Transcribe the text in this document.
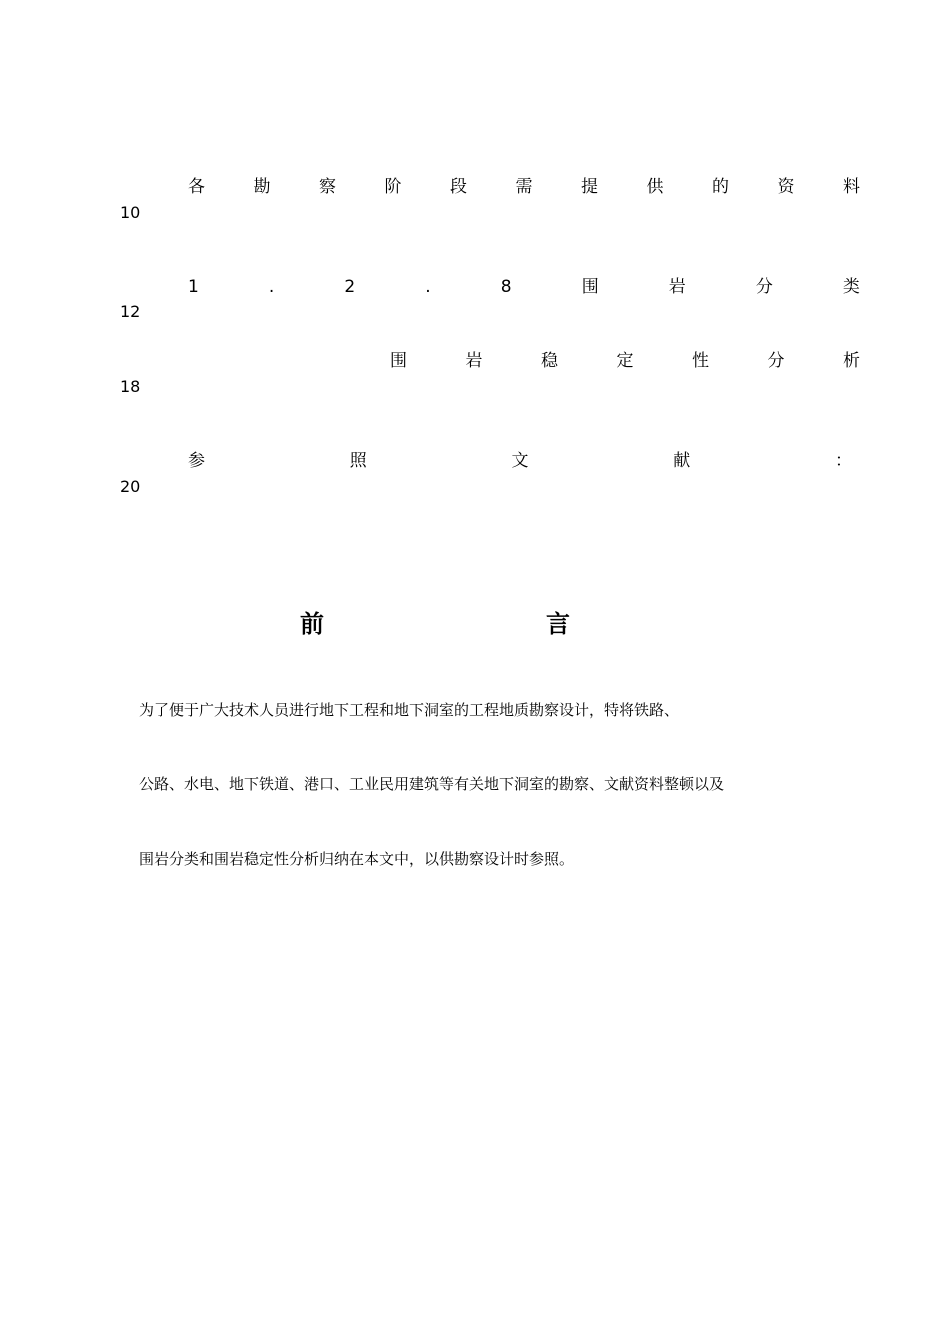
各	勘	察	阶	段	需	提	供	的	资	料
10
1	.	2	.	8	围	岩	分	类
12
围	岩	稳	定	性	分	析
18
参	照	文	献	：
20
前	言
为了便于广大技术人员进行地下工程和地下洞室的工程地质勘察设计，特将铁路、
公路、水电、地下铁道、港口、工业民用建筑等有关地下洞室的勘察、文献资料整顿以及
围岩分类和围岩稳定性分析归纳在本文中，以供勘察设计时参照。
